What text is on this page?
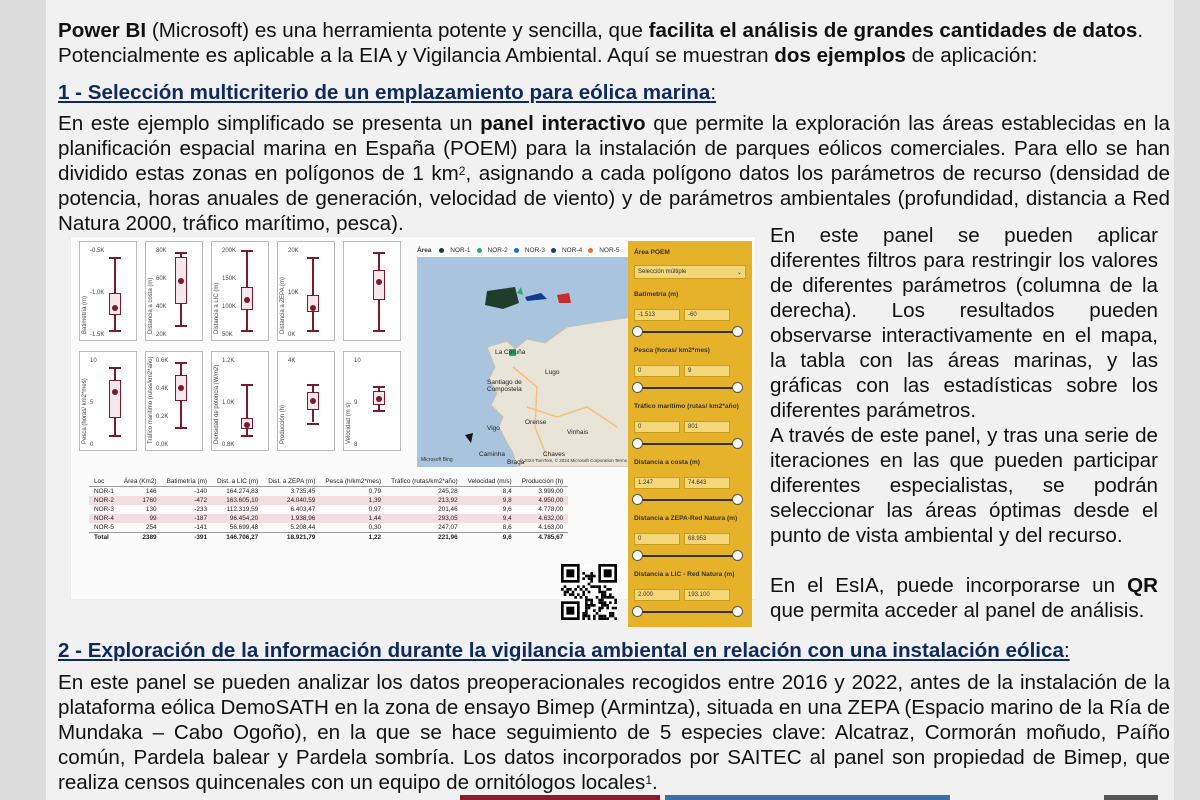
Power BI (Microsoft) es una herramienta potente y sencilla, que facilita el análisis de grandes cantidades de datos.
Potencialmente es aplicable a la EIA y Vigilancia Ambiental. Aquí se muestran dos ejemplos de aplicación:
1 - Selección multicriterio de un emplazamiento para eólica marina:
En este ejemplo simplificado se presenta un panel interactivo que permite la exploración las áreas establecidas en la planificación espacial marina en España (POEM) para la instalación de parques eólicos comerciales. Para ello se han dividido estas zonas en polígonos de 1 $km^2$, asignando a cada polígono datos los parámetros de recurso (densidad de potencia, horas anuales de generación, velocidad de viento) y de parámetros ambientales (profundidad, distancia a Red Natura 2000, tráfico marítimo, pesca).
En este panel se pueden aplicar diferentes filtros para restringir los valores de diferentes parámetros (columna de la derecha). Los resultados pueden observarse interactivamente en el mapa, la tabla con las áreas marinas, y las gráficas con las estadísticas sobre los diferentes parámetros.
A través de este panel, y tras una serie de iteraciones en las que pueden participar diferentes especialistas, se podrán seleccionar las áreas óptimas desde el punto de vista ambiental y del recurso.
En el EsIA, puede incorporarse un QR que permita acceder al panel de análisis.
Batimetría (m)
-0.5K
-1.0K
-1.5K
Distancia a costa (m)
80K
60K
40K
20K
Distancia a LIC (m)
200K
150K
100K
50K
Distancia a ZEPA (m)
20K
10K
0K
Pesca (horas/ km2*mes)
10
5
0
Tráfico marítimo (rutas/km2*año) 0.6K
0.4K
0.2K
0.0K
Densidad de potencia (W/m2)
1.2K
1.0K
0.8K
Producción (h)
4K
Velocidad (m s)
10
9
8
Área	NOR-1	NOR-2	NOR-3	NOR-4	NOR-5
La Coruña
Lugo
Santiago de Compostela
Orense
Vigo
Caminha	Chaves
Vinhais
Braga
Microsoft Bing	© 2024 TomTom, © 2024 Microsoft Corporation Terms
Loc	Área (Km2)	Batimetría (m)	Dist. a LIC (m)	Dist. a ZEPA (m)	Pesca (h/km2*mes)	Tráfico (rutas/km2*año)	Velocidad (m/s)	Producción (h)
NOR-1	146	-140	164.274,83	3.735,45	0,79	245,28	8,4	3.999,00
NOR-2	1760	-472	163.605,10	24.040,59	1,39	213,92	9,8	4.950,00
NOR-3	130	-233	112.319,59	6.403,47	0,97	201,46	9,6	4.778,00
NOR-4	99	-187	96.454,20	1.938,96	1,44	293,05	9,4	4.632,00
NOR-5	254	-141	56.699,48	5.208,44	0,30	247,07	8,6	4.163,00
Total	2389	-391	146.706,27	18.921,79	1,22	221,96	9,6	4.785,67
Área POEM
Selección múltiple	⌄
Batimetría (m)
-1.513	-60
Pesca (horas/ km2*mes)
0	9
Tráfico marítimo (rutas/ km2*año)
0	801
Distancia a costa (m)
1.247	74.643
Distancia a ZEPA-Red Natura (m)
0	68.953
Distancia a LIC - Red Natura (m)
2.000	193.100
2 - Exploración de la información durante la vigilancia ambiental en relación con una instalación eólica:
En este panel se pueden analizar los datos preoperacionales recogidos entre 2016 y 2022, antes de la instalación de la plataforma eólica DemoSATH en la zona de ensayo Bimep (Armintza), situada en una ZEPA (Espacio marino de la Ría de Mundaka – Cabo Ogoño), en la que se hace seguimiento de 5 especies clave: Alcatraz, Cormorán moñudo, Paíño común, Pardela balear y Pardela sombría. Los datos incorporados por SAITEC al panel son propiedad de Bimep, que realiza censos quincenales con un equipo de ornitólogos locales$^1$.
